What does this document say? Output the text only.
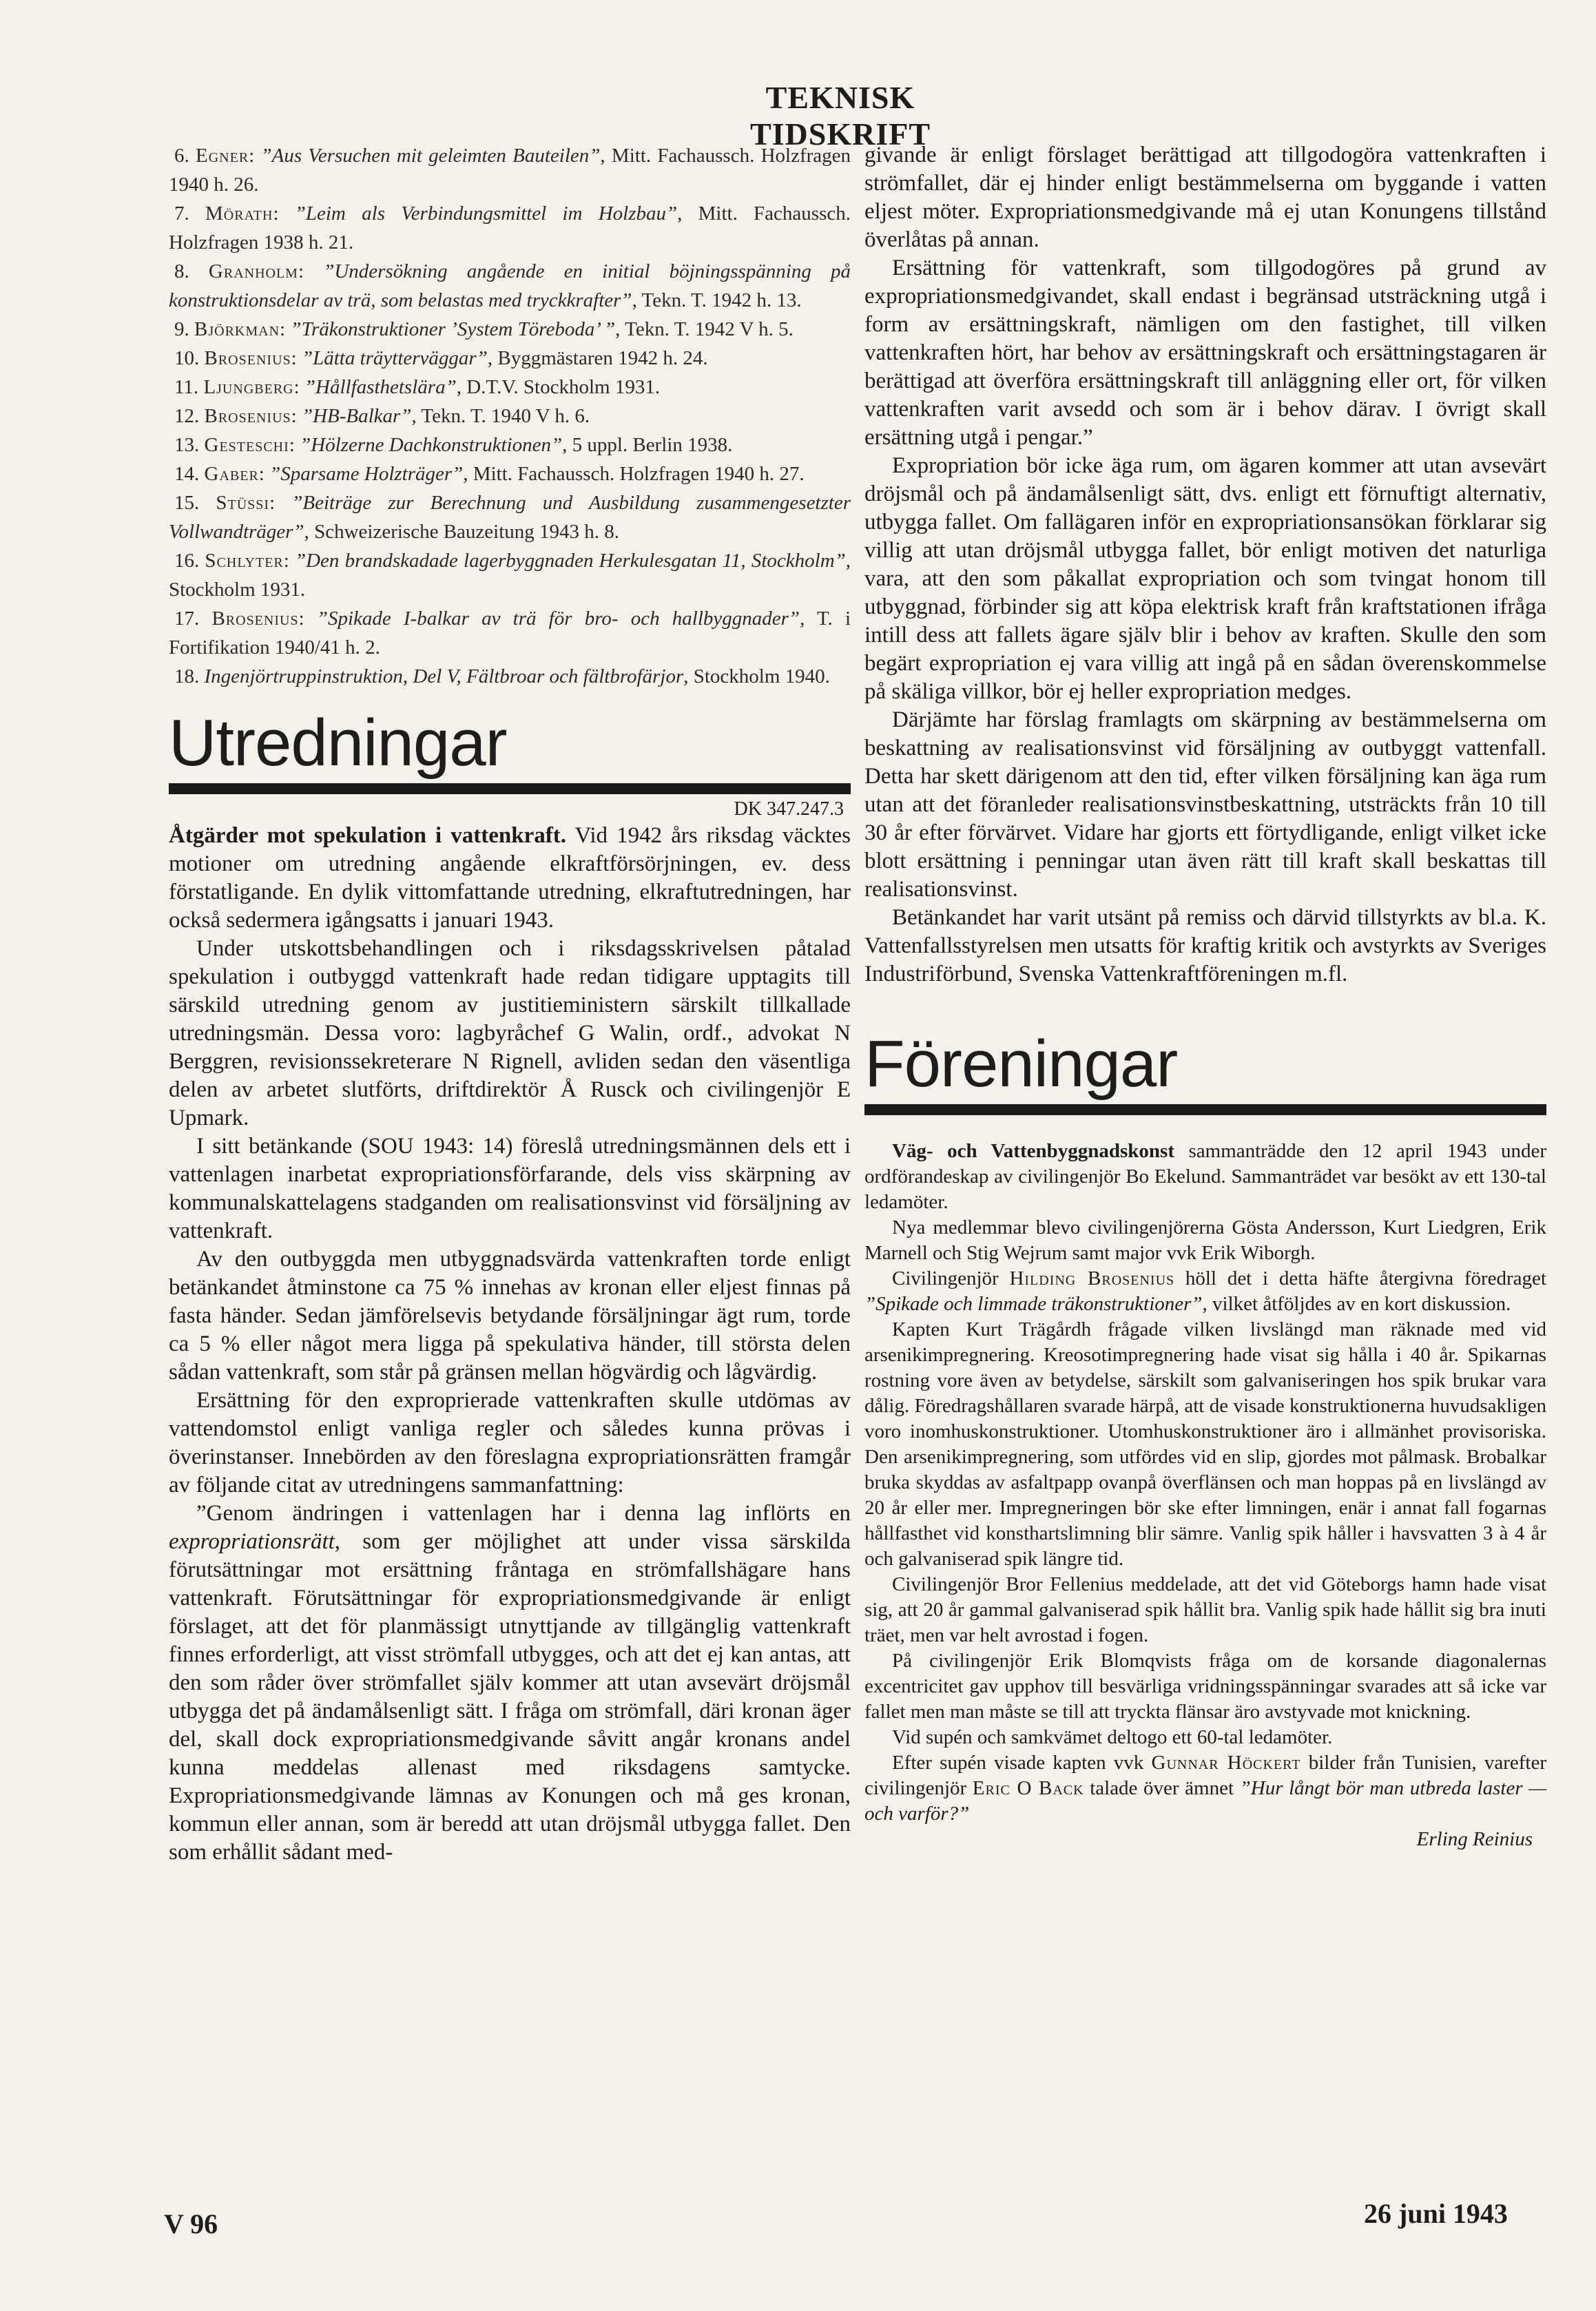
TEKNISK TIDSKRIFT

6. Egner: ”Aus Versuchen mit geleimten Bauteilen”, Mitt. Fachaussch. Holzfragen 1940 h. 26.

7. Mörath: ”Leim als Verbindungsmittel im Holzbau”, Mitt. Fachaussch. Holzfragen 1938 h. 21.

8. Granholm: ”Undersökning angående en initial böjningsspänning på konstruktionsdelar av trä, som belastas med tryckkrafter”, Tekn. T. 1942 h. 13.

9. Björkman: ”Träkonstruktioner ’System Töreboda’ ”, Tekn. T. 1942 V h. 5.

10. Brosenius: ”Lätta träytterväggar”, Byggmästaren 1942 h. 24.

11. Ljungberg: ”Hållfasthetslära”, D.T.V. Stockholm 1931.

12. Brosenius: ”HB-Balkar”, Tekn. T. 1940 V h. 6.

13. Gesteschi: ”Hölzerne Dachkonstruktionen”, 5 uppl. Berlin 1938.

14. Gaber: ”Sparsame Holzträger”, Mitt. Fachaussch. Holzfragen 1940 h. 27.

15. Stüssi: ”Beiträge zur Berechnung und Ausbildung zusammengesetzter Vollwandträger”, Schweizerische Bauzeitung 1943 h. 8.

16. Schlyter: ”Den brandskadade lagerbyggnaden Herkulesgatan 11, Stockholm”, Stockholm 1931.

17. Brosenius: ”Spikade I-balkar av trä för bro- och hallbyggnader”, T. i Fortifikation 1940/41 h. 2.

18. Ingenjörtruppinstruktion, Del V, Fältbroar och fältbrofärjor, Stockholm 1940.

Utredningar
DK 347.247.3

Åtgärder mot spekulation i vattenkraft. Vid 1942 års riksdag väcktes motioner om utredning angående elkraftförsörjningen, ev. dess förstatligande. En dylik vittomfattande utredning, elkraftutredningen, har också sedermera igångsatts i januari 1943.

Under utskottsbehandlingen och i riksdagsskrivelsen påtalad spekulation i outbyggd vattenkraft hade redan tidigare upptagits till särskild utredning genom av justitieministern särskilt tillkallade utredningsmän. Dessa voro: lagbyråchef G Walin, ordf., advokat N Berggren, revisionssekreterare N Rignell, avliden sedan den väsentliga delen av arbetet slutförts, driftdirektör Å Rusck och civilingenjör E Upmark.

I sitt betänkande (SOU 1943: 14) föreslå utredningsmännen dels ett i vattenlagen inarbetat expropriationsförfarande, dels viss skärpning av kommunalskattelagens stadganden om realisationsvinst vid försäljning av vattenkraft.

Av den outbyggda men utbyggnadsvärda vattenkraften torde enligt betänkandet åtminstone ca 75 % innehas av kronan eller eljest finnas på fasta händer. Sedan jämförelsevis betydande försäljningar ägt rum, torde ca 5 % eller något mera ligga på spekulativa händer, till största delen sådan vattenkraft, som står på gränsen mellan högvärdig och lågvärdig.

Ersättning för den exproprierade vattenkraften skulle utdömas av vattendomstol enligt vanliga regler och således kunna prövas i överinstanser. Innebörden av den föreslagna expropriationsrätten framgår av följande citat av utredningens sammanfattning:

”Genom ändringen i vattenlagen har i denna lag inflörts en expropriationsrätt, som ger möjlighet att under vissa särskilda förutsättningar mot ersättning fråntaga en strömfallshägare hans vattenkraft. Förutsättningar för expropriationsmedgivande är enligt förslaget, att det för planmässigt utnyttjande av tillgänglig vattenkraft finnes erforderligt, att visst strömfall utbygges, och att det ej kan antas, att den som råder över strömfallet själv kommer att utan avsevärt dröjsmål utbygga det på ändamålsenligt sätt. I fråga om strömfall, däri kronan äger del, skall dock expropriationsmedgivande såvitt angår kronans andel kunna meddelas allenast med riksdagens samtycke. Expropriationsmedgivande lämnas av Konungen och må ges kronan, kommun eller annan, som är beredd att utan dröjsmål utbygga fallet. Den som erhållit sådant med-

givande är enligt förslaget berättigad att tillgodogöra vattenkraften i strömfallet, där ej hinder enligt bestämmelserna om byggande i vatten eljest möter. Expropriationsmedgivande må ej utan Konungens tillstånd överlåtas på annan.

Ersättning för vattenkraft, som tillgodogöres på grund av expropriationsmedgivandet, skall endast i begränsad utsträckning utgå i form av ersättningskraft, nämligen om den fastighet, till vilken vattenkraften hört, har behov av ersättningskraft och ersättningstagaren är berättigad att överföra ersättningskraft till anläggning eller ort, för vilken vattenkraften varit avsedd och som är i behov därav. I övrigt skall ersättning utgå i pengar.”

Expropriation bör icke äga rum, om ägaren kommer att utan avsevärt dröjsmål och på ändamålsenligt sätt, dvs. enligt ett förnuftigt alternativ, utbygga fallet. Om fallägaren inför en expropriationsansökan förklarar sig villig att utan dröjsmål utbygga fallet, bör enligt motiven det naturliga vara, att den som påkallat expropriation och som tvingat honom till utbyggnad, förbinder sig att köpa elektrisk kraft från kraftstationen ifråga intill dess att fallets ägare själv blir i behov av kraften. Skulle den som begärt expropriation ej vara villig att ingå på en sådan överenskommelse på skäliga villkor, bör ej heller expropriation medges.

Därjämte har förslag framlagts om skärpning av bestämmelserna om beskattning av realisationsvinst vid försäljning av outbyggt vattenfall. Detta har skett därigenom att den tid, efter vilken försäljning kan äga rum utan att det föranleder realisationsvinstbeskattning, utsträckts från 10 till 30 år efter förvärvet. Vidare har gjorts ett förtydligande, enligt vilket icke blott ersättning i penningar utan även rätt till kraft skall beskattas till realisationsvinst.

Betänkandet har varit utsänt på remiss och därvid tillstyrkts av bl.a. K. Vattenfallsstyrelsen men utsatts för kraftig kritik och avstyrkts av Sveriges Industriförbund, Svenska Vattenkraftföreningen m.fl.

Föreningar

Väg- och Vattenbyggnadskonst sammanträdde den 12 april 1943 under ordförandeskap av civilingenjör Bo Ekelund. Sammanträdet var besökt av ett 130-tal ledamöter.

Nya medlemmar blevo civilingenjörerna Gösta Andersson, Kurt Liedgren, Erik Marnell och Stig Wejrum samt major vvk Erik Wiborgh.

Civilingenjör Hilding Brosenius höll det i detta häfte återgivna föredraget ”Spikade och limmade träkonstruktioner”, vilket åtföljdes av en kort diskussion.

Kapten Kurt Trägårdh frågade vilken livslängd man räknade med vid arsenikimpregnering. Kreosotimpregnering hade visat sig hålla i 40 år. Spikarnas rostning vore även av betydelse, särskilt som galvaniseringen hos spik brukar vara dålig. Föredragshållaren svarade härpå, att de visade konstruktionerna huvudsakligen voro inomhuskonstruktioner. Utomhuskonstruktioner äro i allmänhet provisoriska. Den arsenikimpregnering, som utfördes vid en slip, gjordes mot pålmask. Brobalkar bruka skyddas av asfaltpapp ovanpå överflänsen och man hoppas på en livslängd av 20 år eller mer. Impregneringen bör ske efter limningen, enär i annat fall fogarnas hållfasthet vid konsthartslimning blir sämre. Vanlig spik håller i havsvatten 3 à 4 år och galvaniserad spik längre tid.

Civilingenjör Bror Fellenius meddelade, att det vid Göteborgs hamn hade visat sig, att 20 år gammal galvaniserad spik hållit bra. Vanlig spik hade hållit sig bra inuti träet, men var helt avrostad i fogen.

På civilingenjör Erik Blomqvists fråga om de korsande diagonalernas excentricitet gav upphov till besvärliga vridningsspänningar svarades att så icke var fallet men man måste se till att tryckta flänsar äro avstyvade mot knickning.

Vid supén och samkvämet deltogo ett 60-tal ledamöter.

Efter supén visade kapten vvk Gunnar Höckert bilder från Tunisien, varefter civilingenjör Eric O Back talade över ämnet ”Hur långt bör man utbreda laster — och varför?”

Erling Reinius
V 96	26 juni 1943
